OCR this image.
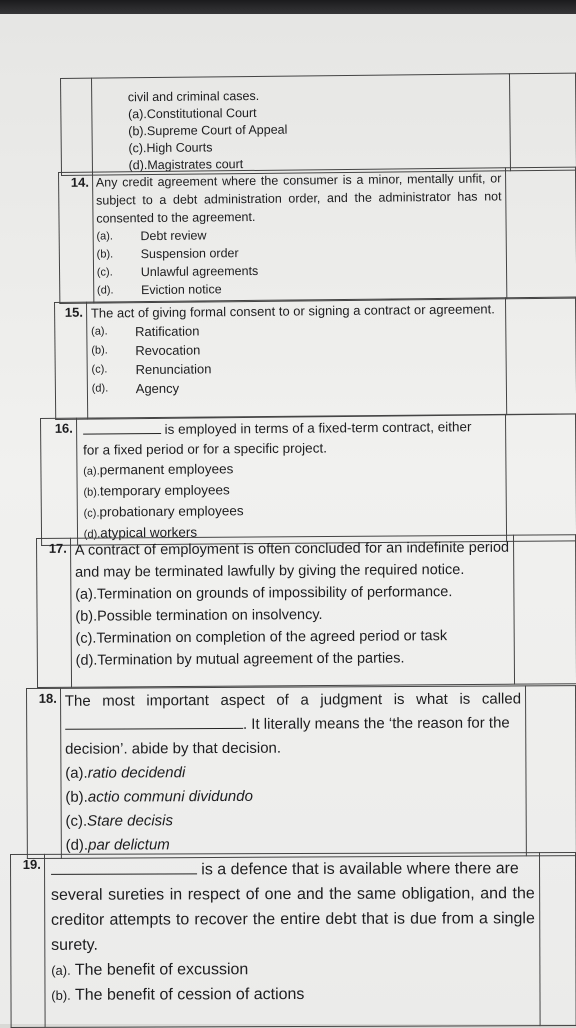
civil and criminal cases.
(a).Constitutional Court
(b).Supreme Court of Appeal
(c).High Courts
(d).Magistrates court

14.	Any credit agreement where the consumer is a minor, mentally unfit, or subject to a debt administration order, and the administrator has not consented to the agreement.
(a).	Debt review
(b).	Suspension order
(c).	Unlawful agreements
(d).	Eviction notice

15.	The act of giving formal consent to or signing a contract or agreement.
(a).	Ratification
(b).	Revocation
(c).	Renunciation
(d).	Agency

16.	is employed in terms of a fixed-term contract, either
for a fixed period or for a specific project.
(a).permanent employees
(b).temporary employees
(c).probationary employees
(d).atypical workers

17.	A contract of employment is often concluded for an indefinite period and may be terminated lawfully by giving the required notice.
(a).Termination on grounds of impossibility of performance.
(b).Possible termination on insolvency.
(c).Termination on completion of the agreed period or task
(d).Termination by mutual agreement of the parties.

18.	The most important aspect of a judgment is what is called
. It literally means the ‘the reason for the
decision’. abide by that decision.
(a).ratio decidendi
(b).actio communi dividundo
(c).Stare decisis
(d).par delictum

19.	is a defence that is available where there are
several sureties in respect of one and the same obligation, and the creditor attempts to recover the entire debt that is due from a single surety.
(a). The benefit of excussion
(b). The benefit of cession of actions
